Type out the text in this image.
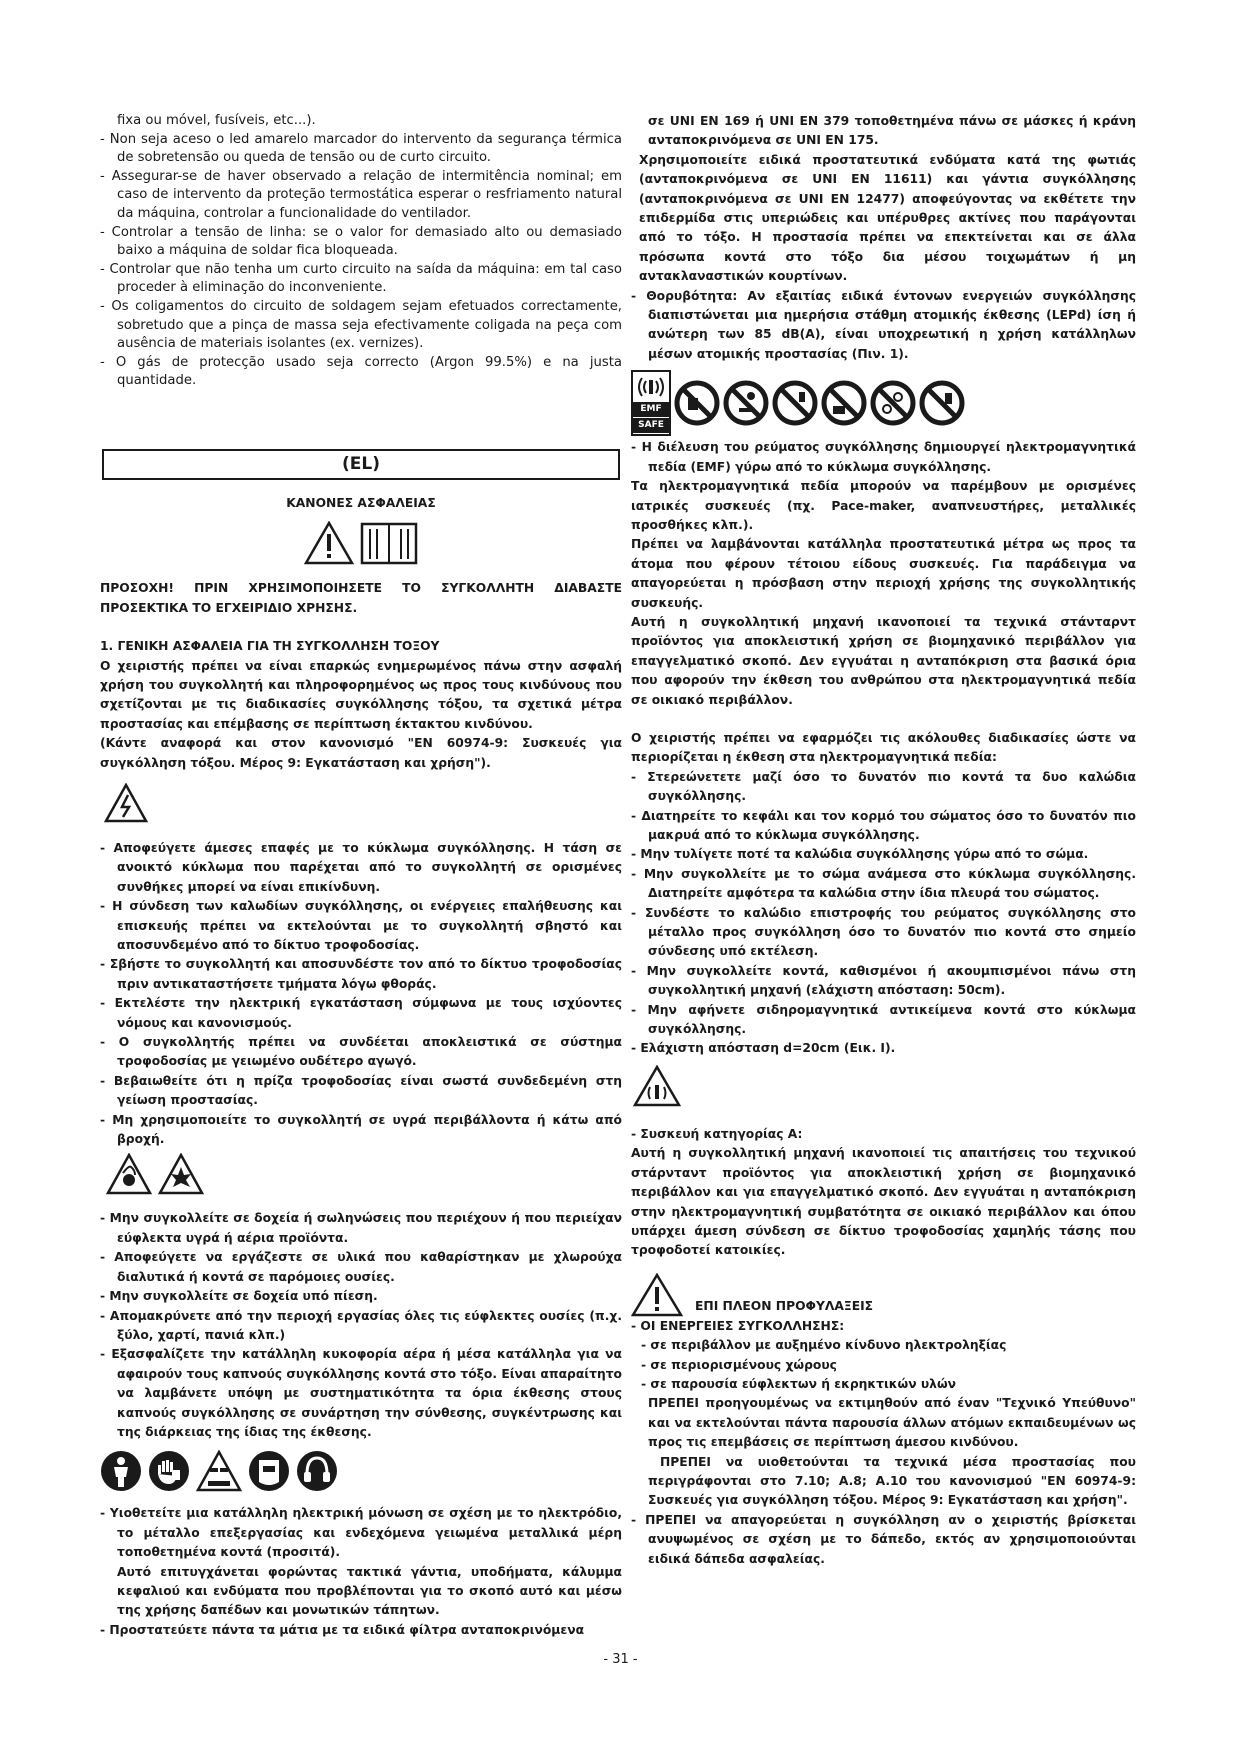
fixa ou móvel, fusíveis, etc...).

- Non seja aceso o led amarelo marcador do intervento da segurança térmica de sobretensão ou queda de tensão ou de curto circuito.

- Assegurar-se de haver observado a relação de intermitência nominal; em caso de intervento da proteção termostática esperar o resfriamento natural da máquina, controlar a funcionalidade do ventilador.

- Controlar a tensão de linha: se o valor for demasiado alto ou demasiado baixo a máquina de soldar fica bloqueada.

- Controlar que não tenha um curto circuito na saída da máquina: em tal caso proceder à eliminação do inconveniente.

- Os coligamentos do circuito de soldagem sejam efetuados correctamente, sobretudo que a pinça de massa seja efectivamente coligada na peça com ausência de materiais isolantes (ex. vernizes).

- O gás de protecção usado seja correcto (Argon 99.5%) e na justa quantidade.

(EL)

ΚΑΝΟΝΕΣ ΑΣΦΑΛΕΙΑΣ

ΠΡΟΣΟΧΗ! ΠΡΙΝ ΧΡΗΣΙΜΟΠΟΙΗΣΕΤΕ ΤΟ ΣΥΓΚΟΛΛΗΤΗ ΔΙΑΒΑΣΤΕ ΠΡΟΣΕΚΤΙΚΑ ΤΟ ΕΓΧΕΙΡΙΔΙΟ ΧΡΗΣΗΣ.

1. ΓΕΝΙΚΗ ΑΣΦΑΛΕΙΑ ΓΙΑ ΤΗ ΣΥΓΚΟΛΛΗΣΗ ΤΟΞΟΥ

Ο χειριστής πρέπει να είναι επαρκώς ενημερωμένος πάνω στην ασφαλή χρήση του συγκολλητή και πληροφορημένος ως προς τους κινδύνους που σχετίζονται με τις διαδικασίες συγκόλλησης τόξου, τα σχετικά μέτρα προστασίας και επέμβασης σε περίπτωση έκτακτου κινδύνου.

(Κάντε αναφορά και στον κανονισμό "EN 60974-9: Συσκευές για συγκόλληση τόξου. Μέρος 9: Εγκατάσταση και χρήση").

- Αποφεύγετε άμεσες επαφές με το κύκλωμα συγκόλλησης. Η τάση σε ανοικτό κύκλωμα που παρέχεται από το συγκολλητή σε ορισμένες συνθήκες μπορεί να είναι επικίνδυνη.

- Η σύνδεση των καλωδίων συγκόλλησης, οι ενέργειες επαλήθευσης και επισκευής πρέπει να εκτελούνται με το συγκολλητή σβηστό και αποσυνδεμένο από το δίκτυο τροφοδοσίας.

- Σβήστε το συγκολλητή και αποσυνδέστε τον από το δίκτυο τροφοδοσίας πριν αντικαταστήσετε τμήματα λόγω φθοράς.

- Εκτελέστε την ηλεκτρική εγκατάσταση σύμφωνα με τους ισχύοντες νόμους και κανονισμούς.

- Ο συγκολλητής πρέπει να συνδέεται αποκλειστικά σε σύστημα τροφοδοσίας με γειωμένο ουδέτερο αγωγό.

- Βεβαιωθείτε ότι η πρίζα τροφοδοσίας είναι σωστά συνδεδεμένη στη γείωση προστασίας.

- Μη χρησιμοποιείτε το συγκολλητή σε υγρά περιβάλλοντα ή κάτω από βροχή.

- Μην συγκολλείτε σε δοχεία ή σωληνώσεις που περιέχουν ή που περιείχαν εύφλεκτα υγρά ή αέρια προϊόντα.

- Αποφεύγετε να εργάζεστε σε υλικά που καθαρίστηκαν με χλωρούχα διαλυτικά ή κοντά σε παρόμοιες ουσίες.

- Μην συγκολλείτε σε δοχεία υπό πίεση.

- Απομακρύνετε από την περιοχή εργασίας όλες τις εύφλεκτες ουσίες (π.χ. ξύλο, χαρτί, πανιά κλπ.)

- Εξασφαλίζετε την κατάλληλη κυκοφορία αέρα ή μέσα κατάλληλα για να αφαιρούν τους καπνούς συγκόλλησης κοντά στο τόξο. Είναι απαραίτητο να λαμβάνετε υπόψη με συστηματικότητα τα όρια έκθεσης στους καπνούς συγκόλλησης σε συνάρτηση την σύνθεσης, συγκέντρωσης και της διάρκειας της ίδιας της έκθεσης.

- Υιοθετείτε μια κατάλληλη ηλεκτρική μόνωση σε σχέση με το ηλεκτρόδιο, το μέταλλο επεξεργασίας και ενδεχόμενα γειωμένα μεταλλικά μέρη τοποθετημένα κοντά (προσιτά).

Αυτό επιτυγχάνεται φορώντας τακτικά γάντια, υποδήματα, κάλυμμα κεφαλιού και ενδύματα που προβλέπονται για το σκοπό αυτό και μέσω της χρήσης δαπέδων και μονωτικών τάπητων.

- Προστατεύετε πάντα τα μάτια με τα ειδικά φίλτρα ανταποκρινόμενα

σε UNI EN 169 ή UNI EN 379 τοποθετημένα πάνω σε μάσκες ή κράνη ανταποκρινόμενα σε UNI EN 175.

Χρησιμοποιείτε ειδικά προστατευτικά ενδύματα κατά της φωτιάς (ανταποκρινόμενα σε UNI EN 11611) και γάντια συγκόλλησης (ανταποκρινόμενα σε UNI EN 12477) αποφεύγοντας να εκθέτετε την επιδερμίδα στις υπεριώδεις και υπέρυθρες ακτίνες που παράγονται από το τόξο. Η προστασία πρέπει να επεκτείνεται και σε άλλα πρόσωπα κοντά στο τόξο δια μέσου τοιχωμάτων ή μη αντακλαναστικών κουρτίνων.

- Θορυβότητα: Αν εξαιτίας ειδικά έντονων ενεργειών συγκόλλησης διαπιστώνεται μια ημερήσια στάθμη ατομικής έκθεσης (LEPd) ίση ή ανώτερη των 85 dB(A), είναι υποχρεωτική η χρήση κατάλληλων μέσων ατομικής προστασίας (Πιν. 1).

EMF
SAFE

- Η διέλευση του ρεύματος συγκόλλησης δημιουργεί ηλεκτρομαγνητικά πεδία (EMF) γύρω από το κύκλωμα συγκόλλησης.

Τα ηλεκτρομαγνητικά πεδία μπορούν να παρέμβουν με ορισμένες ιατρικές συσκευές (πχ. Pace-maker, αναπνευστήρες, μεταλλικές προσθήκες κλπ.).

Πρέπει να λαμβάνονται κατάλληλα προστατευτικά μέτρα ως προς τα άτομα που φέρουν τέτοιου είδους συσκευές. Για παράδειγμα να απαγορεύεται η πρόσβαση στην περιοχή χρήσης της συγκολλητικής συσκευής.

Αυτή η συγκολλητική μηχανή ικανοποιεί τα τεχνικά στάνταρντ προϊόντος για αποκλειστική χρήση σε βιομηχανικό περιβάλλον για επαγγελματικό σκοπό. Δεν εγγυάται η ανταπόκριση στα βασικά όρια που αφορούν την έκθεση του ανθρώπου στα ηλεκτρομαγνητικά πεδία σε οικιακό περιβάλλον.

Ο χειριστής πρέπει να εφαρμόζει τις ακόλουθες διαδικασίες ώστε να περιορίζεται η έκθεση στα ηλεκτρομαγνητικά πεδία:

- Στερεώνετετε μαζί όσο το δυνατόν πιο κοντά τα δυο καλώδια συγκόλλησης.

- Διατηρείτε το κεφάλι και τον κορμό του σώματος όσο το δυνατόν πιο μακρυά από το κύκλωμα συγκόλλησης.

- Μην τυλίγετε ποτέ τα καλώδια συγκόλλησης γύρω από το σώμα.

- Μην συγκολλείτε με το σώμα ανάμεσα στο κύκλωμα συγκόλλησης. Διατηρείτε αμφότερα τα καλώδια στην ίδια πλευρά του σώματος.

- Συνδέστε το καλώδιο επιστροφής του ρεύματος συγκόλλησης στο μέταλλο προς συγκόλληση όσο το δυνατόν πιο κοντά στο σημείο σύνδεσης υπό εκτέλεση.

- Μην συγκολλείτε κοντά, καθισμένοι ή ακουμπισμένοι πάνω στη συγκολλητική μηχανή (ελάχιστη απόσταση: 50cm).

- Μην αφήνετε σιδηρομαγνητικά αντικείμενα κοντά στο κύκλωμα συγκόλλησης.

- Ελάχιστη απόσταση d=20cm (Εικ. I).

- Συσκευή κατηγορίας A:

Αυτή η συγκολλητική μηχανή ικανοποιεί τις απαιτήσεις του τεχνικού στάρνταντ προϊόντος για αποκλειστική χρήση σε βιομηχανικό περιβάλλον και για επαγγελματικό σκοπό. Δεν εγγυάται η ανταπόκριση στην ηλεκτρομαγνητική συμβατότητα σε οικιακό περιβάλλον και όπου υπάρχει άμεση σύνδεση σε δίκτυο τροφοδοσίας χαμηλής τάσης που τροφοδοτεί κατοικίες.

ΕΠΙ ΠΛΕΟΝ ΠΡΟΦΥΛΑΞΕΙΣ

- ΟΙ ΕΝΕΡΓΕΙΕΣ ΣΥΓΚΟΛΛΗΣΗΣ:

- σε περιβάλλον με αυξημένο κίνδυνο ηλεκτροληξίας

- σε περιορισμένους χώρους

- σε παρουσία εύφλεκτων ή εκρηκτικών υλών

ΠΡΕΠΕΙ προηγουμένως να εκτιμηθούν από έναν "Τεχνικό Υπεύθυνο" και να εκτελούνται πάντα παρουσία άλλων ατόμων εκπαιδευμένων ως προς τις επεμβάσεις σε περίπτωση άμεσου κινδύνου.

ΠΡΕΠΕΙ να υιοθετούνται τα τεχνικά μέσα προστασίας που περιγράφονται στο 7.10; A.8; A.10 του κανονισμού "EN 60974-9: Συσκευές για συγκόλληση τόξου. Μέρος 9: Εγκατάσταση και χρήση".

- ΠΡΕΠΕΙ να απαγορεύεται η συγκόλληση αν ο χειριστής βρίσκεται ανυψωμένος σε σχέση με το δάπεδο, εκτός αν χρησιμοποιούνται ειδικά δάπεδα ασφαλείας.

- 31 -
